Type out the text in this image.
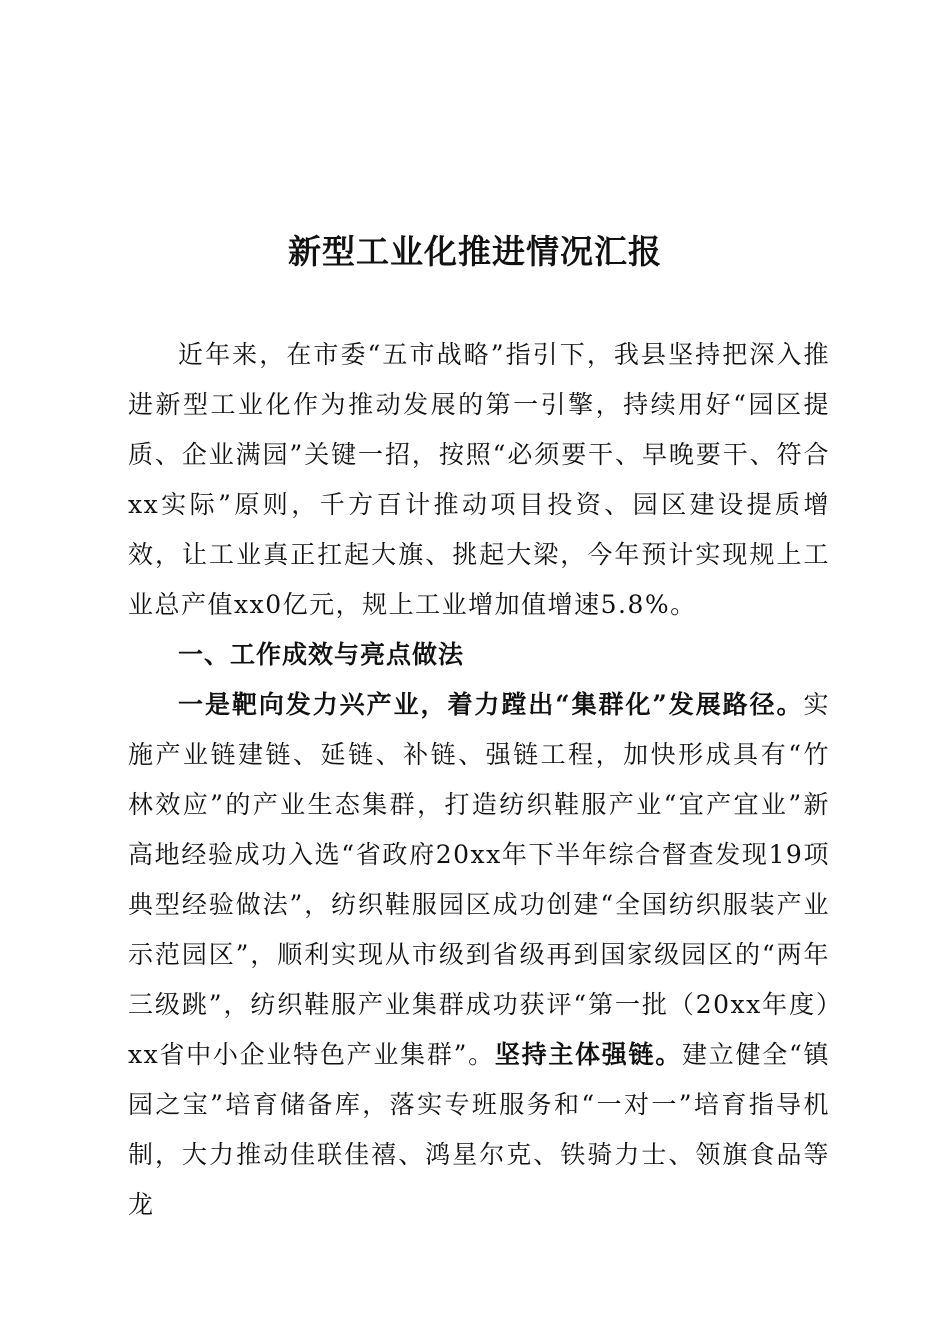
新型工业化推进情况汇报

近年来，在市委“五市战略”指引下，我县坚持把深入推进新型工业化作为推动发展的第一引擎，持续用好“园区提质、企业满园”关键一招，按照“必须要干、早晚要干、符合xx实际”原则，千方百计推动项目投资、园区建设提质增效，让工业真正扛起大旗、挑起大梁，今年预计实现规上工业总产值xx0亿元，规上工业增加值增速5.8%。

一、工作成效与亮点做法

一是靶向发力兴产业，着力蹚出“集群化”发展路径。实施产业链建链、延链、补链、强链工程，加快形成具有“竹林效应”的产业生态集群，打造纺织鞋服产业“宜产宜业”新高地经验成功入选“省政府20xx年下半年综合督查发现19项典型经验做法”，纺织鞋服园区成功创建“全国纺织服装产业示范园区”，顺利实现从市级到省级再到国家级园区的“两年三级跳”，纺织鞋服产业集群成功获评“第一批（20xx年度）xx省中小企业特色产业集群”。坚持主体强链。建立健全“镇园之宝”培育储备库，落实专班服务和“一对一”培育指导机制，大力推动佳联佳禧、鸿星尔克、铁骑力士、领旗食品等龙
